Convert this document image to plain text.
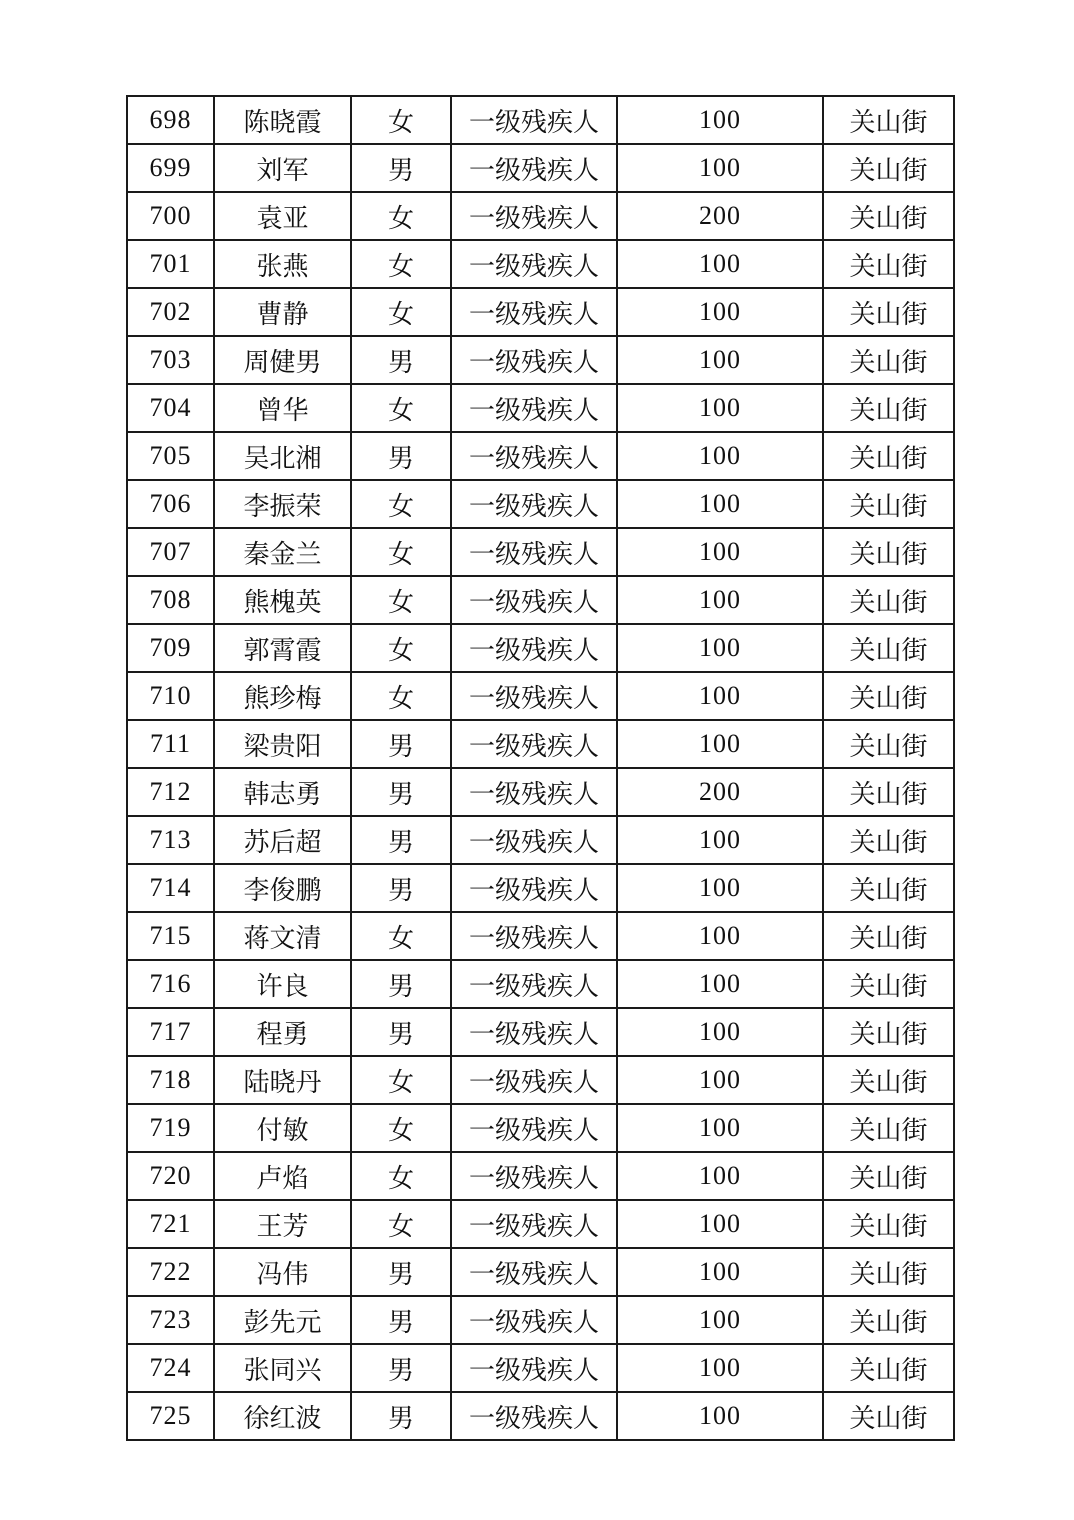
698	陈晓霞	女	一级残疾人	100	关山街
699	刘军	男	一级残疾人	100	关山街
700	袁亚	女	一级残疾人	200	关山街
701	张燕	女	一级残疾人	100	关山街
702	曹静	女	一级残疾人	100	关山街
703	周健男	男	一级残疾人	100	关山街
704	曾华	女	一级残疾人	100	关山街
705	吴北湘	男	一级残疾人	100	关山街
706	李振荣	女	一级残疾人	100	关山街
707	秦金兰	女	一级残疾人	100	关山街
708	熊槐英	女	一级残疾人	100	关山街
709	郭霄霞	女	一级残疾人	100	关山街
710	熊珍梅	女	一级残疾人	100	关山街
711	梁贵阳	男	一级残疾人	100	关山街
712	韩志勇	男	一级残疾人	200	关山街
713	苏后超	男	一级残疾人	100	关山街
714	李俊鹏	男	一级残疾人	100	关山街
715	蒋文清	女	一级残疾人	100	关山街
716	许良	男	一级残疾人	100	关山街
717	程勇	男	一级残疾人	100	关山街
718	陆晓丹	女	一级残疾人	100	关山街
719	付敏	女	一级残疾人	100	关山街
720	卢焰	女	一级残疾人	100	关山街
721	王芳	女	一级残疾人	100	关山街
722	冯伟	男	一级残疾人	100	关山街
723	彭先元	男	一级残疾人	100	关山街
724	张同兴	男	一级残疾人	100	关山街
725	徐红波	男	一级残疾人	100	关山街
